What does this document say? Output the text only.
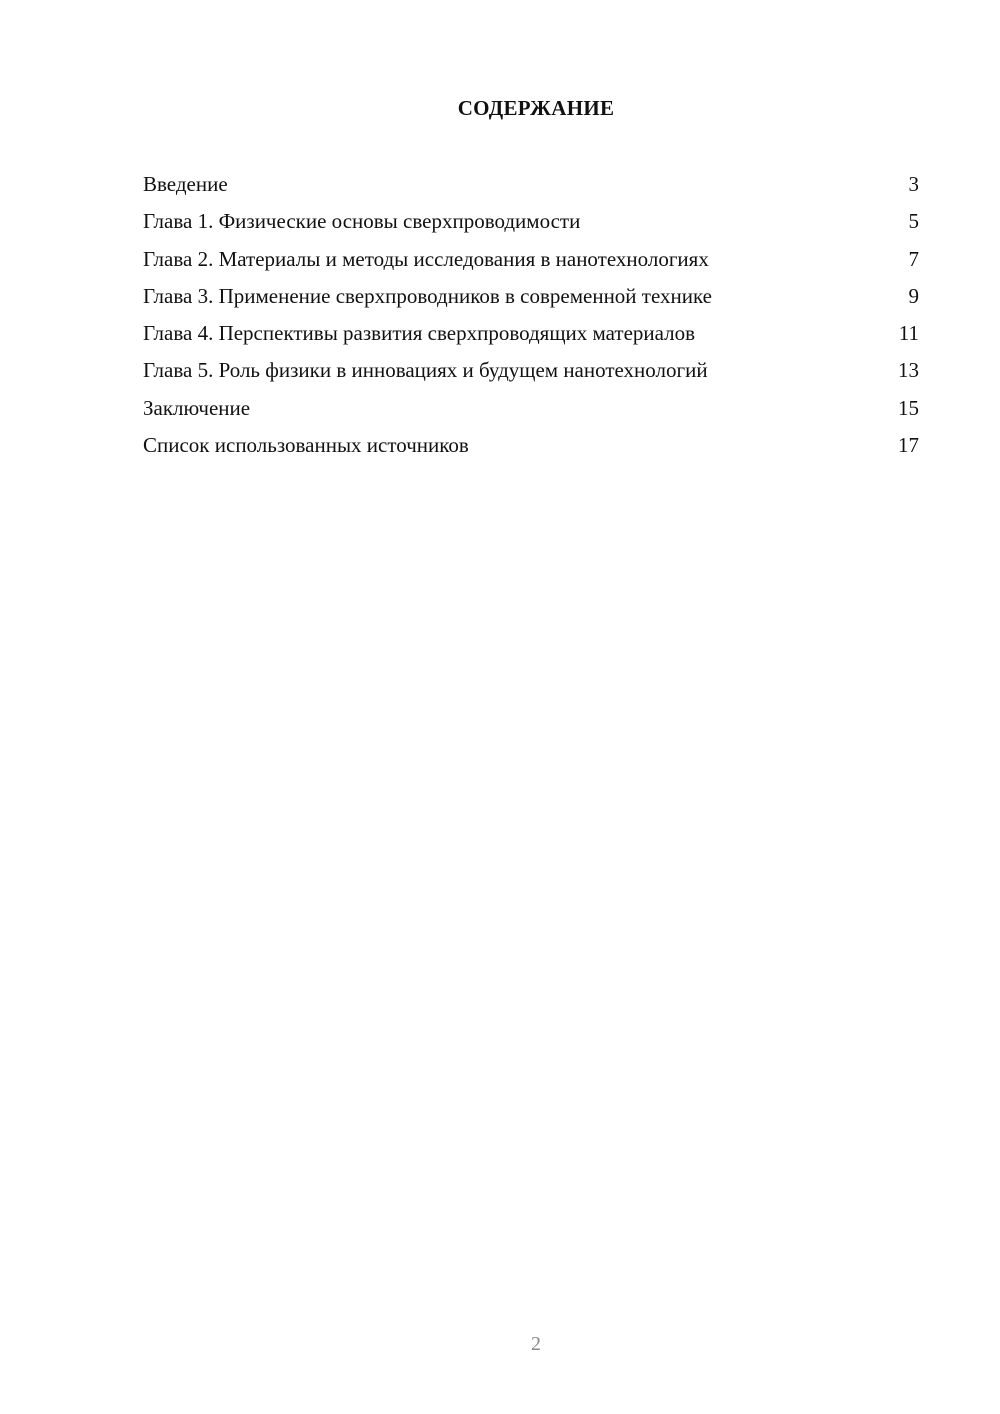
СОДЕРЖАНИЕ
Введение	3
Глава 1. Физические основы сверхпроводимости	5
Глава 2. Материалы и методы исследования в нанотехнологиях	7
Глава 3. Применение сверхпроводников в современной технике	9
Глава 4. Перспективы развития сверхпроводящих материалов	11
Глава 5. Роль физики в инновациях и будущем нанотехнологий	13
Заключение	15
Список использованных источников	17
2
